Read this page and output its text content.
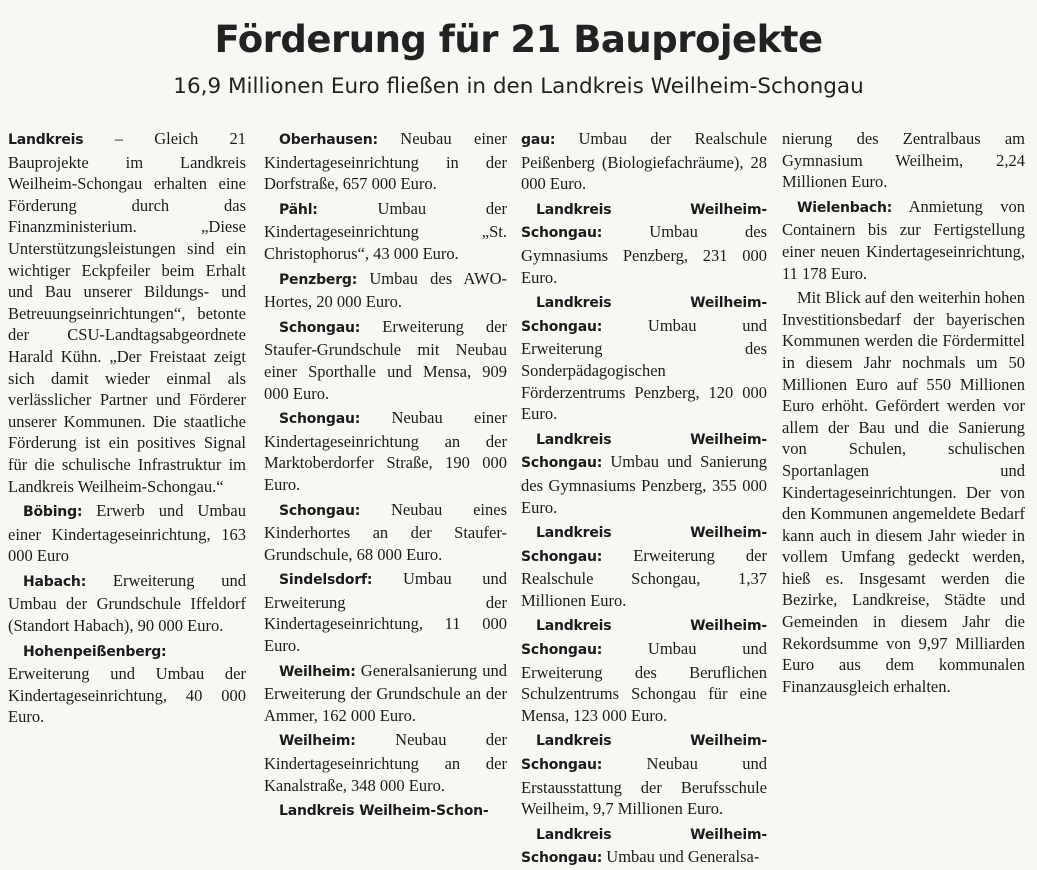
Förderung für 21 Bauprojekte
16,9 Millionen Euro fließen in den Landkreis Weilheim-Schongau

Landkreis – Gleich 21 Bauprojekte im Landkreis Weilheim-Schongau erhalten eine Förderung durch das Finanzministerium. „Diese Unterstützungsleistungen sind ein wichtiger Eckpfeiler beim Erhalt und Bau unserer Bildungs- und Betreuungseinrichtungen“, betonte der CSU-Landtagsabgeordnete Harald Kühn. „Der Freistaat zeigt sich damit wieder einmal als verlässlicher Partner und Förderer unserer Kommunen. Die staatliche Förderung ist ein positives Signal für die schulische Infrastruktur im Landkreis Weilheim-Schongau.“

Böbing: Erwerb und Umbau einer Kindertageseinrichtung, 163 000 Euro

Habach: Erweiterung und Umbau der Grundschule Iffeldorf (Standort Habach), 90 000 Euro.

Hohenpeißenberg: Erweiterung und Umbau der Kindertageseinrichtung, 40 000 Euro.

Oberhausen: Neubau einer Kindertageseinrichtung in der Dorfstraße, 657 000 Euro.

Pähl: Umbau der Kindertageseinrichtung „St. Christophorus“, 43 000 Euro.

Penzberg: Umbau des AWO-Hortes, 20 000 Euro.

Schongau: Erweiterung der Staufer-Grundschule mit Neubau einer Sporthalle und Mensa, 909 000 Euro.

Schongau: Neubau einer Kindertageseinrichtung an der Marktoberdorfer Straße, 190 000 Euro.

Schongau: Neubau eines Kinderhortes an der Staufer-Grundschule, 68 000 Euro.

Sindelsdorf: Umbau und Erweiterung der Kindertageseinrichtung, 11 000 Euro.

Weilheim: Generalsanierung und Erweiterung der Grundschule an der Ammer, 162 000 Euro.

Weilheim: Neubau der Kindertageseinrichtung an der Kanalstraße, 348 000 Euro.

Landkreis Weilheim-Schon-

gau: Umbau der Realschule Peißenberg (Biologiefachräume), 28 000 Euro.

Landkreis Weilheim-Schongau: Umbau des Gymnasiums Penzberg, 231 000 Euro.

Landkreis Weilheim-Schongau: Umbau und Erweiterung des Sonderpädagogischen Förderzentrums Penzberg, 120 000 Euro.

Landkreis Weilheim-Schongau: Umbau und Sanierung des Gymnasiums Penzberg, 355 000 Euro.

Landkreis Weilheim-Schongau: Erweiterung der Realschule Schongau, 1,37 Millionen Euro.

Landkreis Weilheim-Schongau: Umbau und Erweiterung des Beruflichen Schulzentrums Schongau für eine Mensa, 123 000 Euro.

Landkreis Weilheim-Schongau: Neubau und Erstausstattung der Berufsschule Weilheim, 9,7 Millionen Euro.

Landkreis Weilheim-Schongau: Umbau und Generalsa-

nierung des Zentralbaus am Gymnasium Weilheim, 2,24 Millionen Euro.

Wielenbach: Anmietung von Containern bis zur Fertigstellung einer neuen Kindertageseinrichtung, 11 178 Euro.

Mit Blick auf den weiterhin hohen Investitionsbedarf der bayerischen Kommunen werden die Fördermittel in diesem Jahr nochmals um 50 Millionen Euro auf 550 Millionen Euro erhöht. Gefördert werden vor allem der Bau und die Sanierung von Schulen, schulischen Sportanlagen und Kindertageseinrichtungen. Der von den Kommunen angemeldete Bedarf kann auch in diesem Jahr wieder in vollem Umfang gedeckt werden, hieß es. Insgesamt werden die Bezirke, Landkreise, Städte und Gemeinden in diesem Jahr die Rekordsumme von 9,97 Milliarden Euro aus dem kommunalen Finanzausgleich erhalten.
